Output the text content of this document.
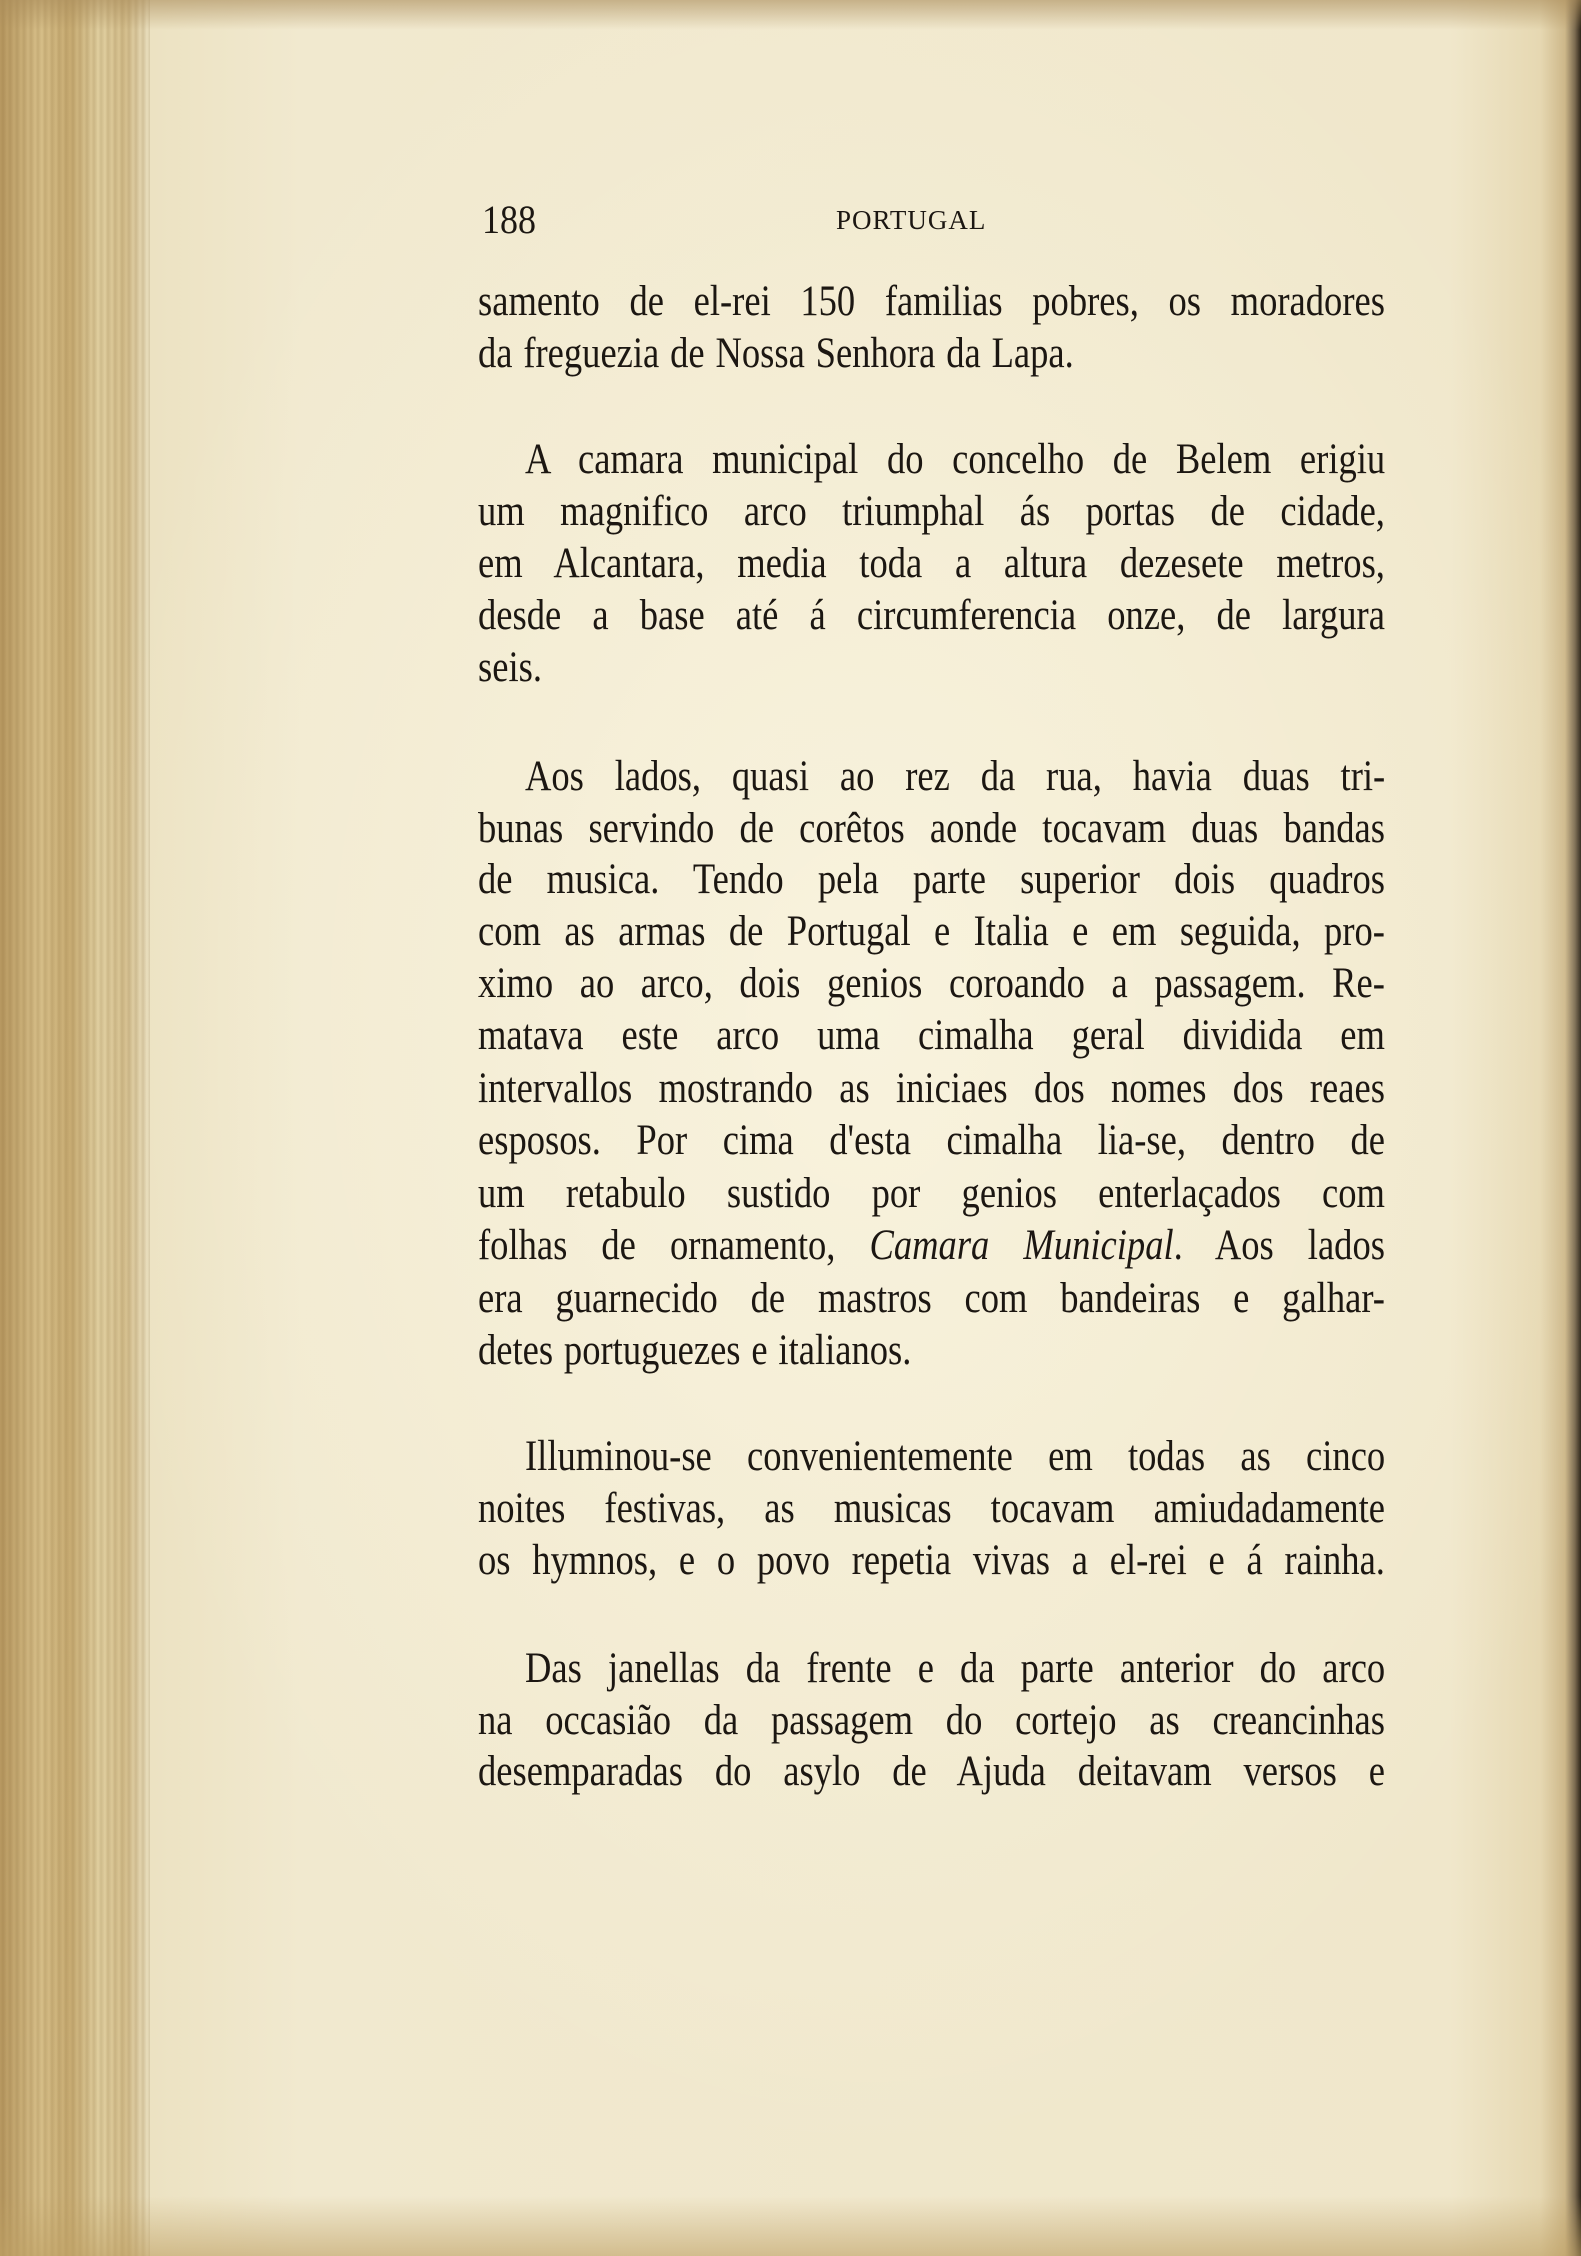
188	PORTUGAL
samento de el-rei 150 familias pobres, os moradores
da freguezia de Nossa Senhora da Lapa.
A camara municipal do concelho de Belem erigiu
um magnifico arco triumphal ás portas de cidade,
em Alcantara, media toda a altura dezesete metros,
desde a base até á circumferencia onze, de largura
seis.
Aos lados, quasi ao rez da rua, havia duas tri-
bunas servindo de corêtos aonde tocavam duas bandas
de musica. Tendo pela parte superior dois quadros
com as armas de Portugal e Italia e em seguida, pro-
ximo ao arco, dois genios coroando a passagem. Re-
matava este arco uma cimalha geral dividida em
intervallos mostrando as iniciaes dos nomes dos reaes
esposos. Por cima d'esta cimalha lia-se, dentro de
um retabulo sustido por genios enterlaçados com
folhas de ornamento, Camara Municipal. Aos lados
era guarnecido de mastros com bandeiras e galhar-
detes portuguezes e italianos.
Illuminou-se convenientemente em todas as cinco
noites festivas, as musicas tocavam amiudadamente
os hymnos, e o povo repetia vivas a el-rei e á rainha.
Das janellas da frente e da parte anterior do arco
na occasião da passagem do cortejo as creancinhas
desemparadas do asylo de Ajuda deitavam versos e
